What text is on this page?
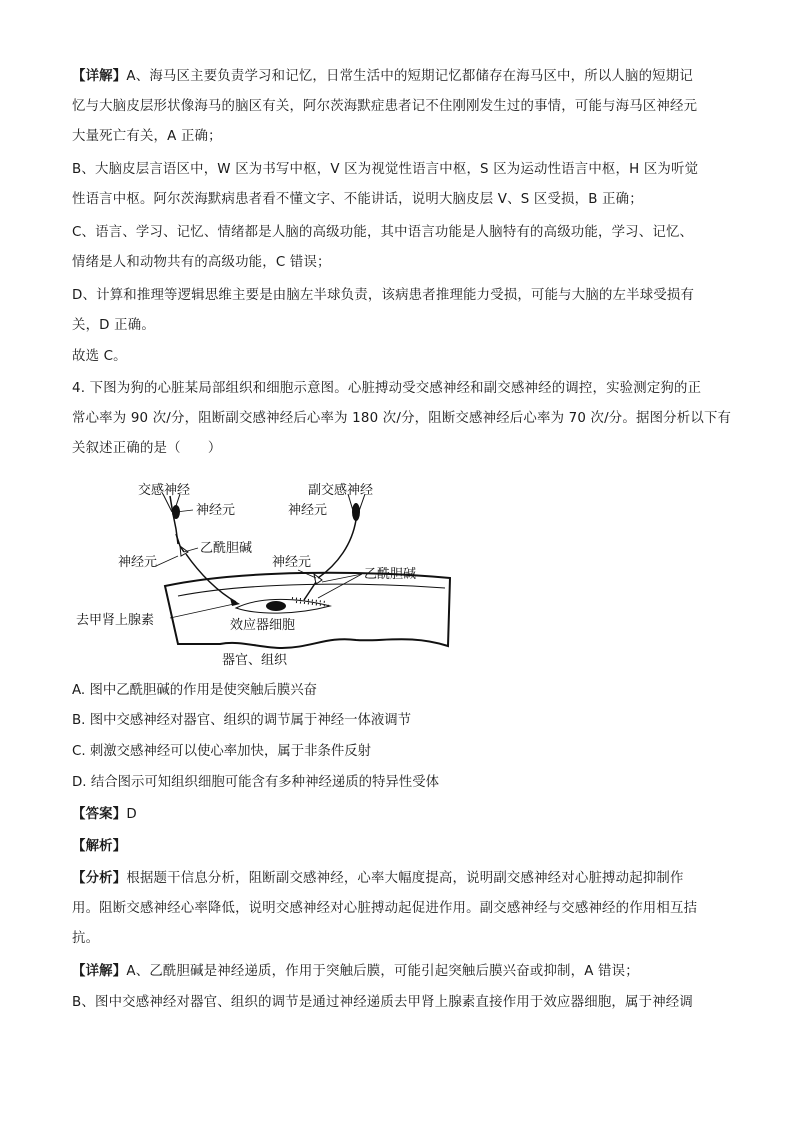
【详解】A、海马区主要负责学习和记忆，日常生活中的短期记忆都储存在海马区中，所以人脑的短期记
忆与大脑皮层形状像海马的脑区有关，阿尔茨海默症患者记不住刚刚发生过的事情，可能与海马区神经元
大量死亡有关，A 正确；
B、大脑皮层言语区中，W 区为书写中枢，V 区为视觉性语言中枢，S 区为运动性语言中枢，H 区为听觉
性语言中枢。阿尔茨海默病患者看不懂文字、不能讲话，说明大脑皮层 V、S 区受损，B 正确；
C、语言、学习、记忆、情绪都是人脑的高级功能，其中语言功能是人脑特有的高级功能，学习、记忆、
情绪是人和动物共有的高级功能，C 错误；
D、计算和推理等逻辑思维主要是由脑左半球负责，该病患者推理能力受损，可能与大脑的左半球受损有
关，D 正确。
故选 C。
4. 下图为狗的心脏某局部组织和细胞示意图。心脏搏动受交感神经和副交感神经的调控，实验测定狗的正
常心率为 90 次/分，阻断副交感神经后心率为 180 次/分，阻断交感神经后心率为 70 次/分。据图分析以下有
关叙述正确的是（　　）
交感神经	副交感神经
神经元	神经元
乙酰胆碱
神经元	神经元
乙酰胆碱
去甲肾上腺素	效应器细胞
器官、组织
A. 图中乙酰胆碱的作用是使突触后膜兴奋
B. 图中交感神经对器官、组织的调节属于神经一体液调节
C. 刺激交感神经可以使心率加快，属于非条件反射
D. 结合图示可知组织细胞可能含有多种神经递质的特异性受体
【答案】D
【解析】
【分析】根据题干信息分析，阻断副交感神经，心率大幅度提高，说明副交感神经对心脏搏动起抑制作
用。阻断交感神经心率降低，说明交感神经对心脏搏动起促进作用。副交感神经与交感神经的作用相互拮
抗。
【详解】A、乙酰胆碱是神经递质，作用于突触后膜，可能引起突触后膜兴奋或抑制，A 错误；
B、图中交感神经对器官、组织的调节是通过神经递质去甲肾上腺素直接作用于效应器细胞，属于神经调
